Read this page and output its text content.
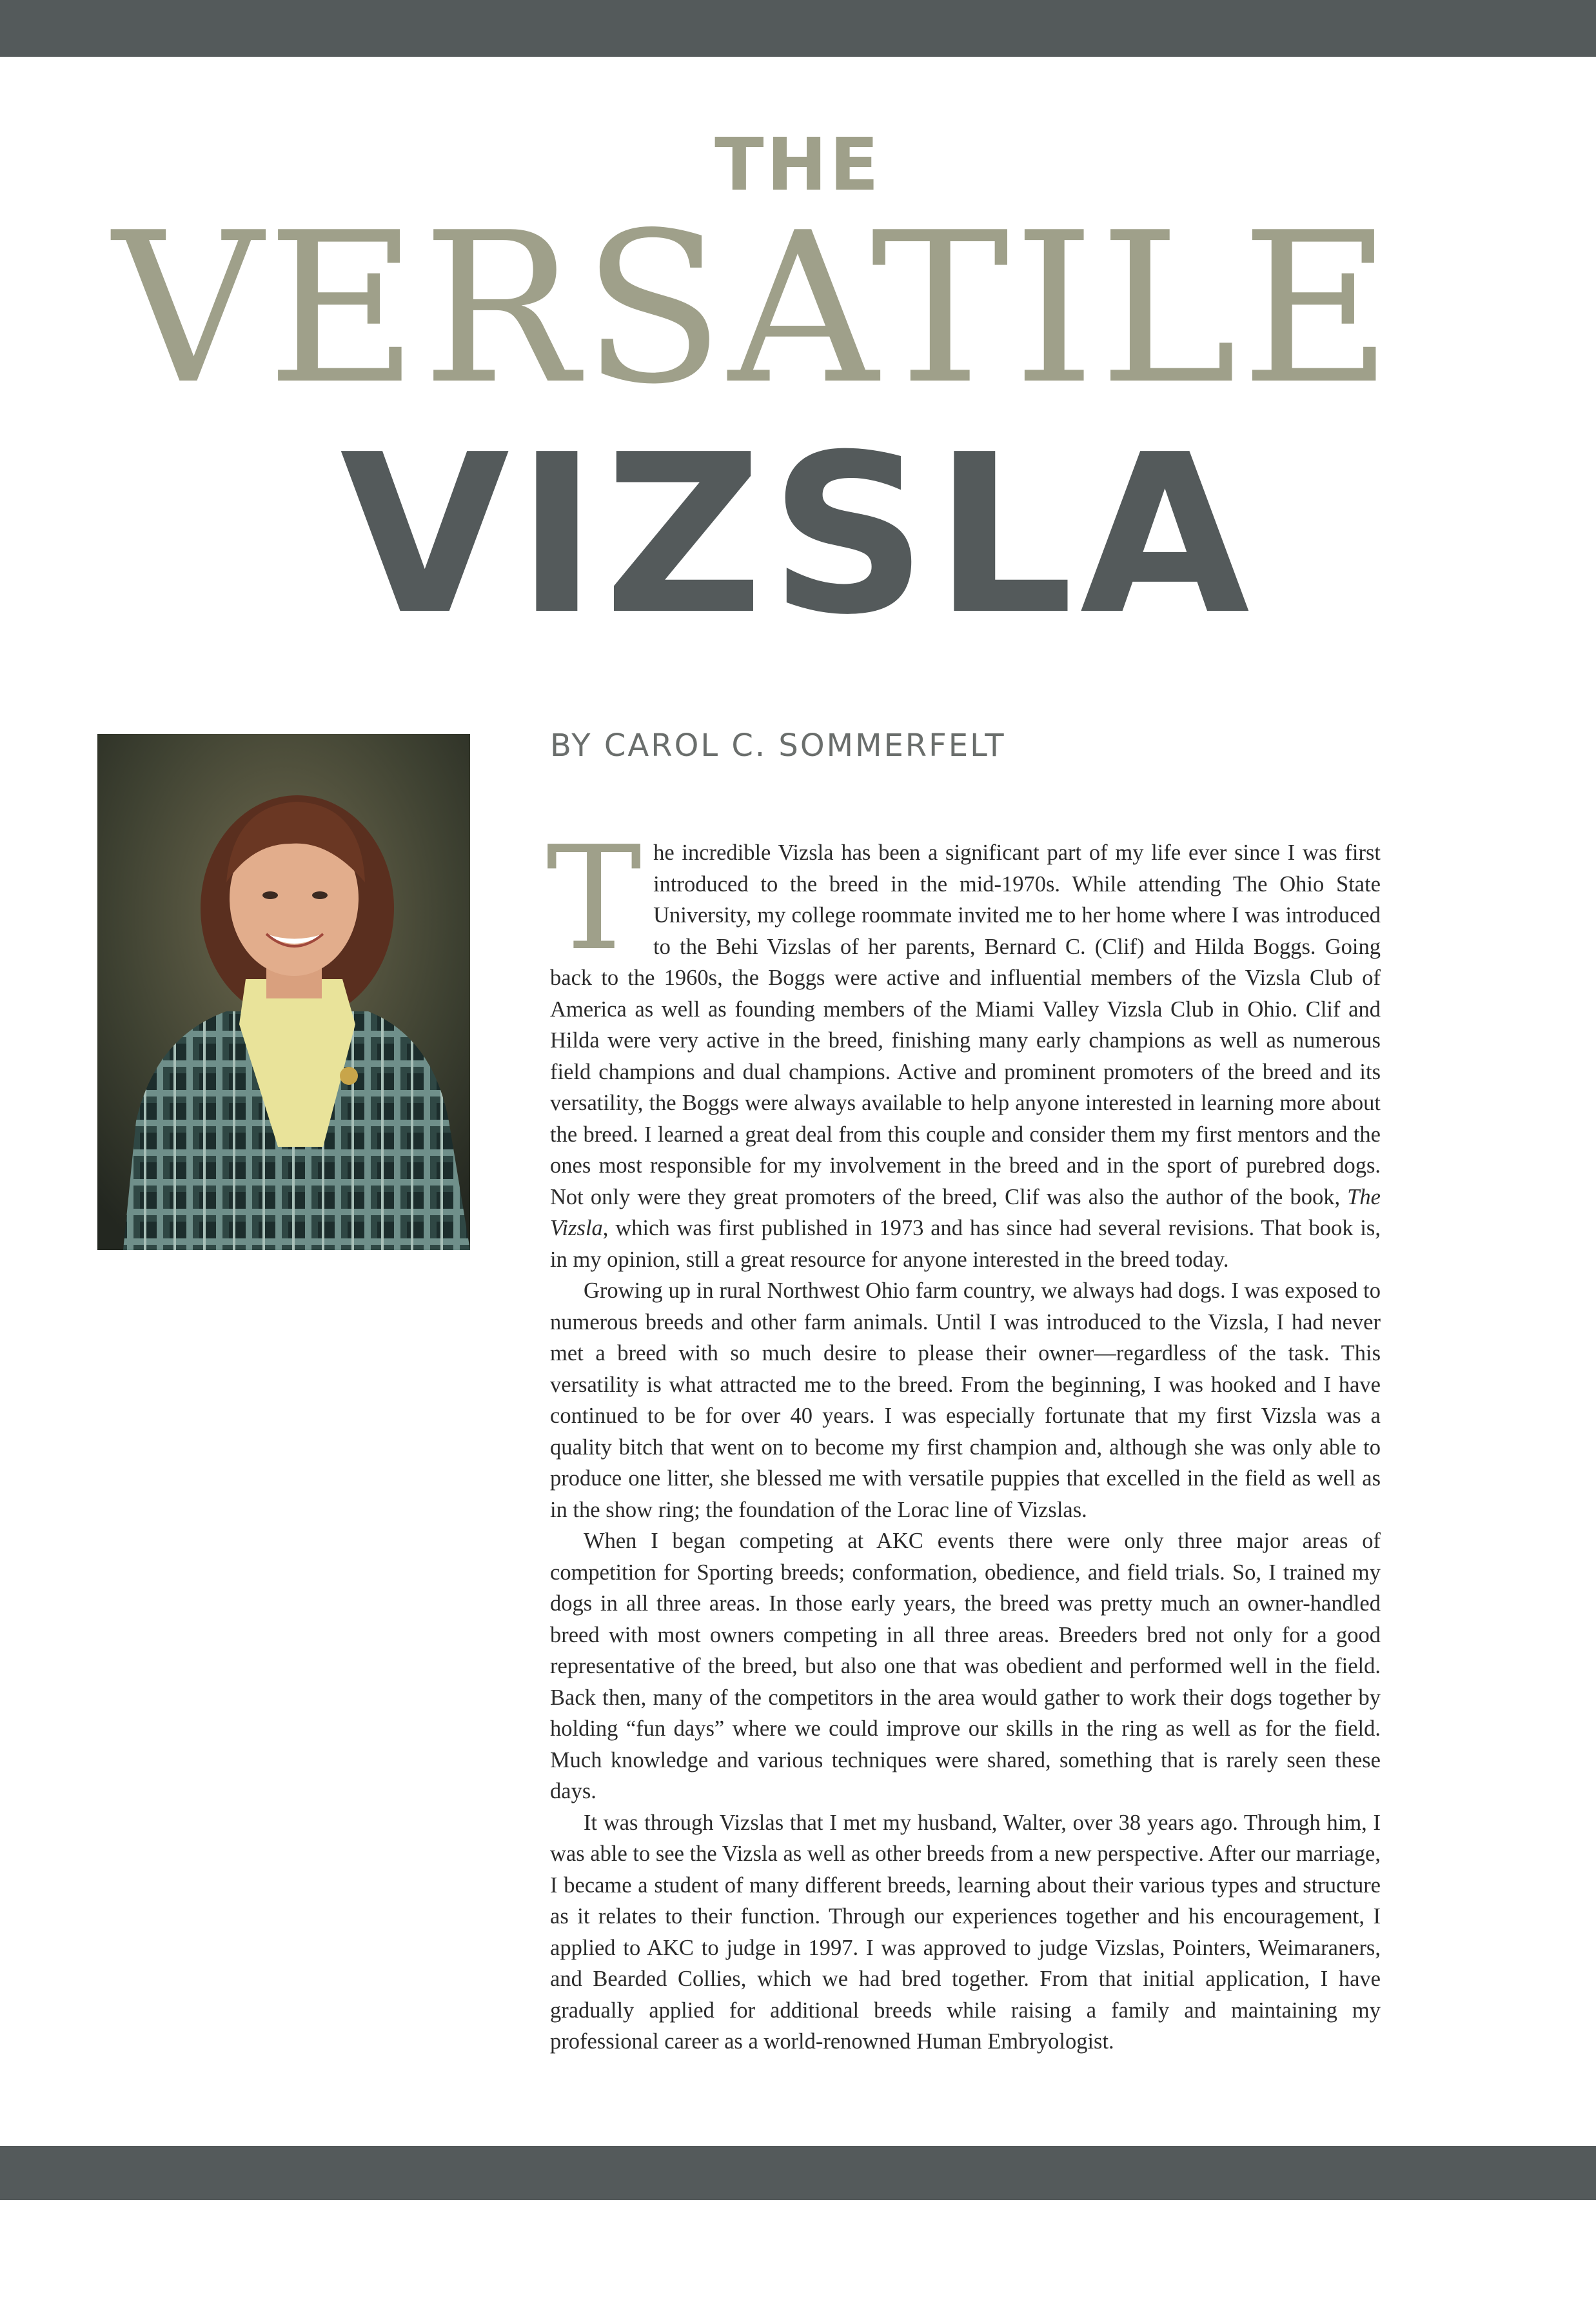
THE
VERSATILE
VIZSLA
BY CAROL C. SOMMERFELT

The incredible Vizsla has been a significant part of my life ever since I was first introduced to the breed in the mid-1970s. While attending The Ohio State University, my college roommate invited me to her home where I was introduced to the Behi Vizslas of her parents, Bernard C. (Clif) and Hilda Boggs. Going back to the 1960s, the Boggs were active and influential members of the Vizsla Club of America as well as founding members of the Miami Valley Vizsla Club in Ohio. Clif and Hilda were very active in the breed, finishing many early champions as well as numerous field champions and dual champions. Active and prominent promoters of the breed and its versatility, the Boggs were always available to help anyone interested in learning more about the breed. I learned a great deal from this couple and consider them my first mentors and the ones most responsible for my involvement in the breed and in the sport of purebred dogs. Not only were they great promoters of the breed, Clif was also the author of the book, The Vizsla, which was first published in 1973 and has since had several revisions. That book is, in my opinion, still a great resource for anyone interested in the breed today.

Growing up in rural Northwest Ohio farm country, we always had dogs. I was exposed to numerous breeds and other farm animals. Until I was introduced to the Vizsla, I had never met a breed with so much desire to please their owner—regardless of the task. This versatility is what attracted me to the breed. From the beginning, I was hooked and I have continued to be for over 40 years. I was especially fortunate that my first Vizsla was a quality bitch that went on to become my first champion and, although she was only able to produce one litter, she blessed me with versatile puppies that excelled in the field as well as in the show ring; the foundation of the Lorac line of Vizslas.

When I began competing at AKC events there were only three major areas of competition for Sporting breeds; conformation, obedience, and field trials. So, I trained my dogs in all three areas. In those early years, the breed was pretty much an owner-handled breed with most owners competing in all three areas. Breeders bred not only for a good representative of the breed, but also one that was obedient and performed well in the field. Back then, many of the competitors in the area would gather to work their dogs together by holding “fun days” where we could improve our skills in the ring as well as for the field. Much knowledge and various techniques were shared, something that is rarely seen these days.

It was through Vizslas that I met my husband, Walter, over 38 years ago. Through him, I was able to see the Vizsla as well as other breeds from a new perspective. After our marriage, I became a student of many different breeds, learning about their various types and structure as it relates to their function. Through our experiences together and his encouragement, I applied to AKC to judge in 1997. I was approved to judge Vizslas, Pointers, Weimaraners, and Bearded Collies, which we had bred together. From that initial application, I have gradually applied for additional breeds while raising a family and maintaining my professional career as a world-renowned Human Embryologist.
